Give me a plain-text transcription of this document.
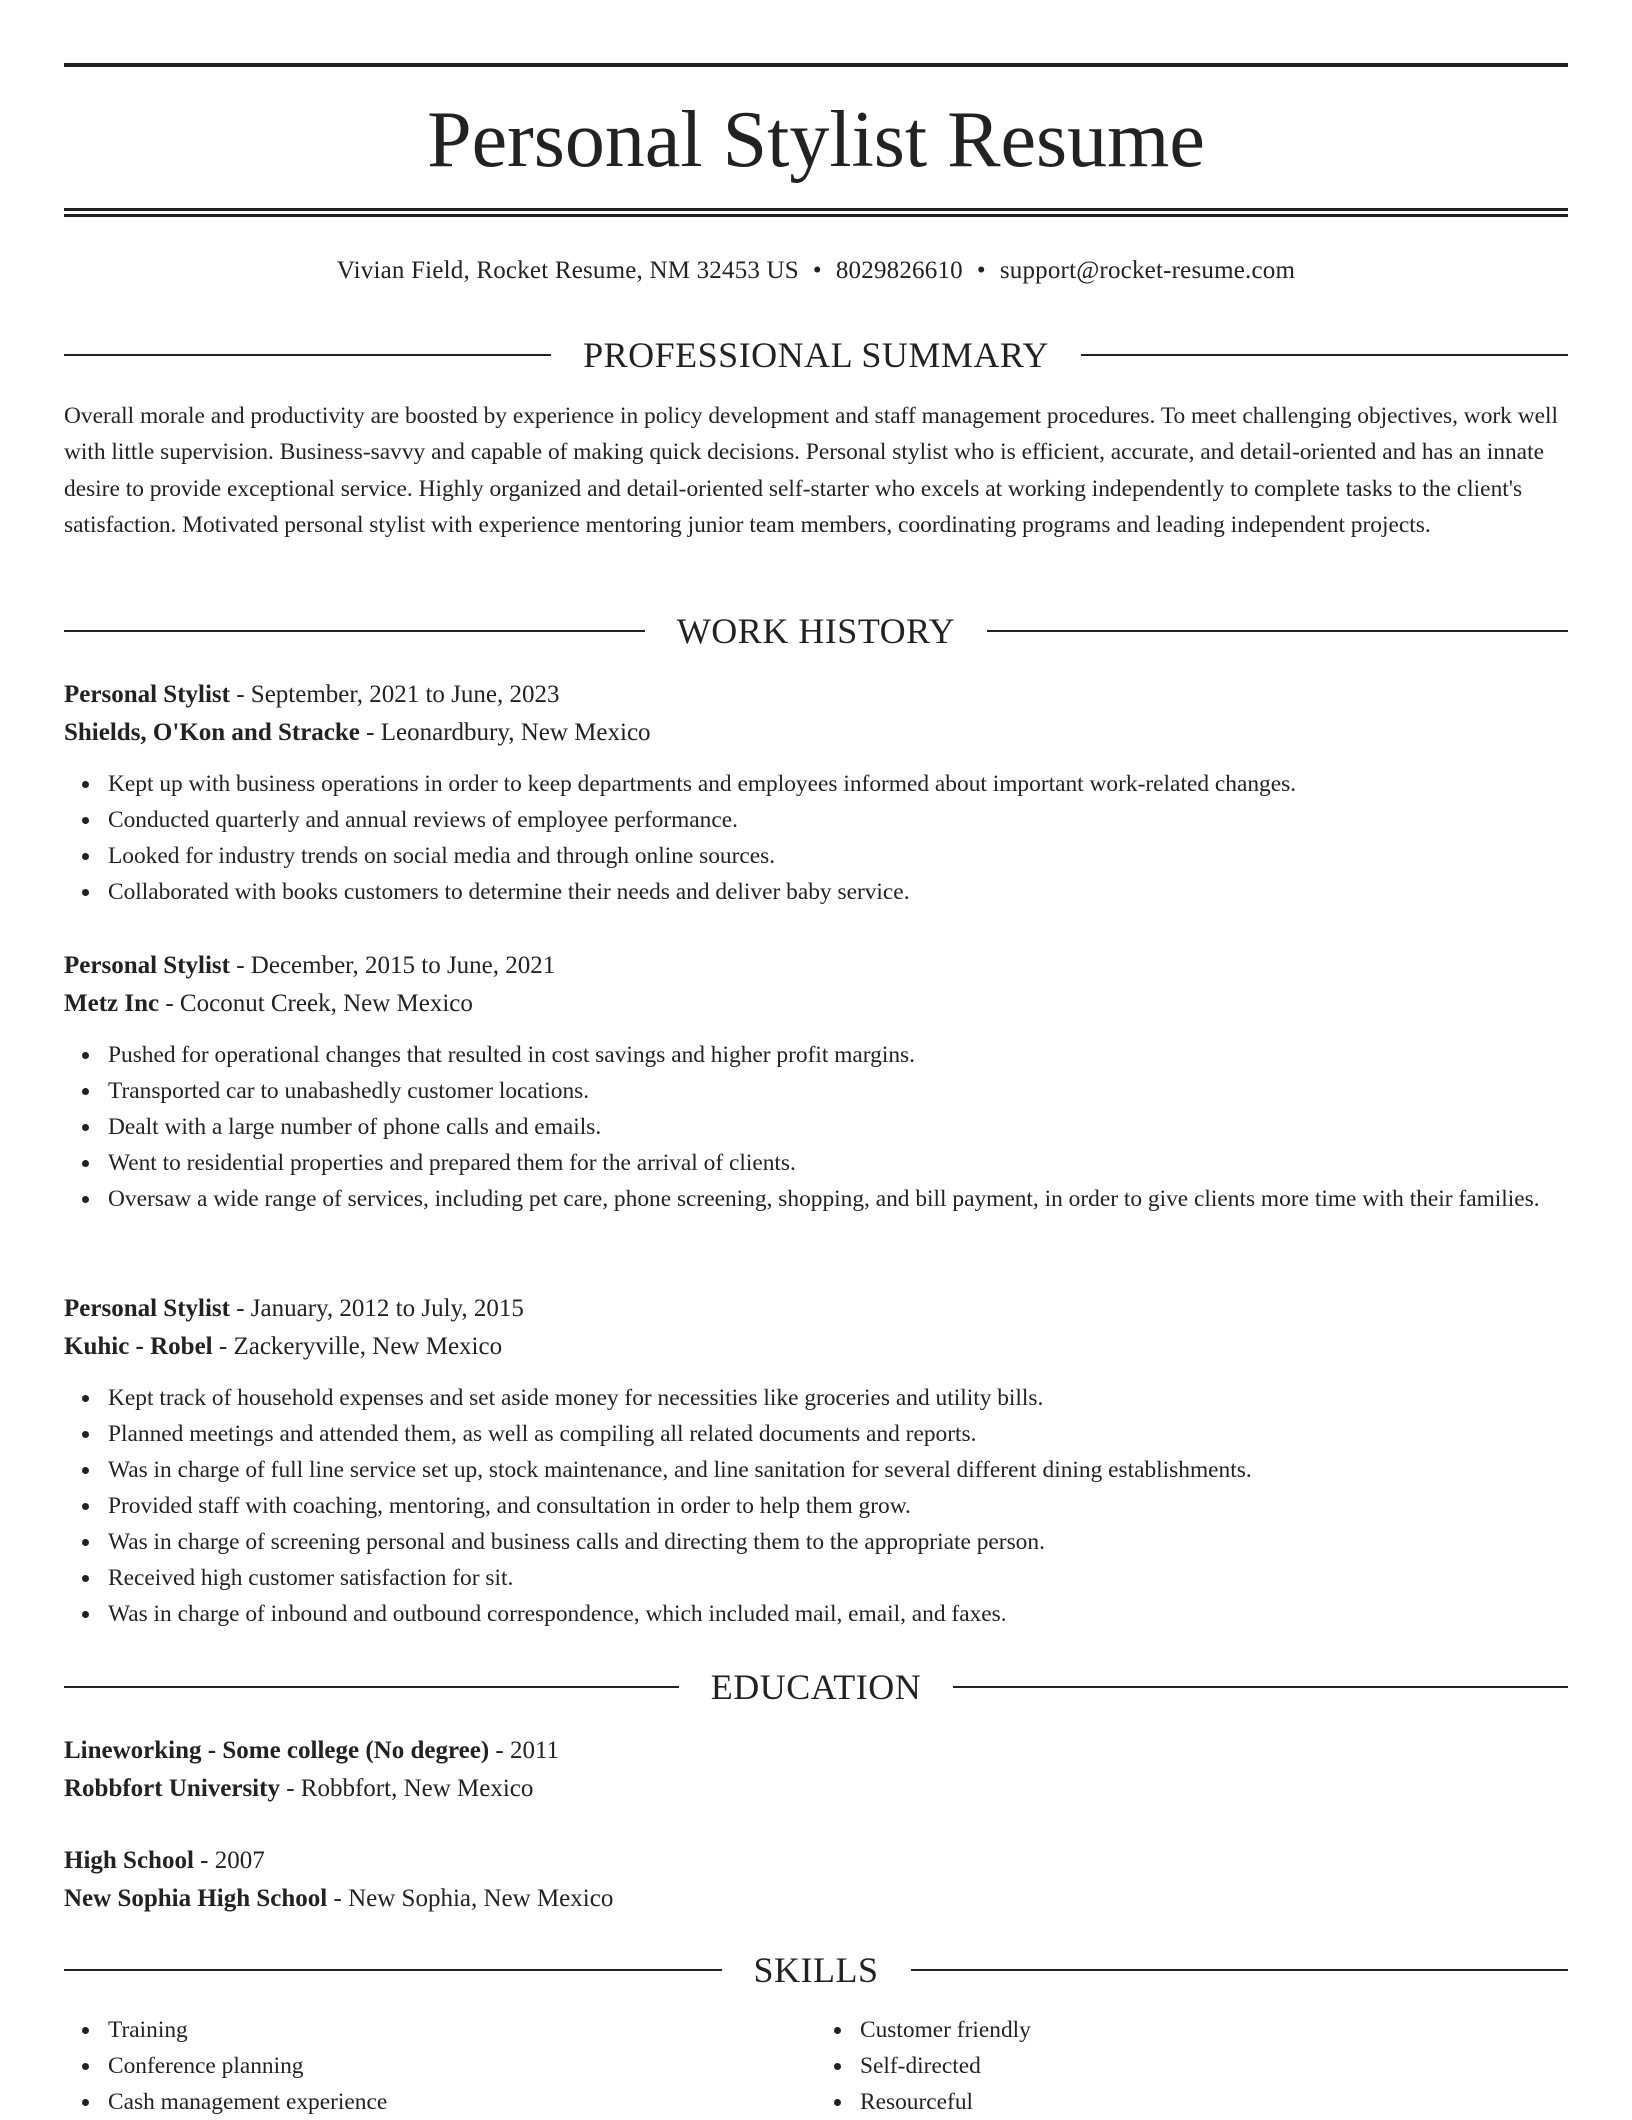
Personal Stylist Resume
Vivian Field, Rocket Resume, NM 32453 US • 8029826610 • support@rocket-resume.com
PROFESSIONAL SUMMARY

Overall morale and productivity are boosted by experience in policy development and staff management procedures. To meet challenging objectives, work well with little supervision. Business-savvy and capable of making quick decisions. Personal stylist who is efficient, accurate, and detail-oriented and has an innate desire to provide exceptional service. Highly organized and detail-oriented self-starter who excels at working independently to complete tasks to the client's satisfaction. Motivated personal stylist with experience mentoring junior team members, coordinating programs and leading independent projects.

WORK HISTORY
Personal Stylist - September, 2021 to June, 2023
Shields, O'Kon and Stracke - Leonardbury, New Mexico
Kept up with business operations in order to keep departments and employees informed about important work-related changes.
Conducted quarterly and annual reviews of employee performance.
Looked for industry trends on social media and through online sources.
Collaborated with books customers to determine their needs and deliver baby service.
Personal Stylist - December, 2015 to June, 2021
Metz Inc - Coconut Creek, New Mexico
Pushed for operational changes that resulted in cost savings and higher profit margins.
Transported car to unabashedly customer locations.
Dealt with a large number of phone calls and emails.
Went to residential properties and prepared them for the arrival of clients.
Oversaw a wide range of services, including pet care, phone screening, shopping, and bill payment, in order to give clients more time with their families.
Personal Stylist - January, 2012 to July, 2015
Kuhic - Robel - Zackeryville, New Mexico
Kept track of household expenses and set aside money for necessities like groceries and utility bills.
Planned meetings and attended them, as well as compiling all related documents and reports.
Was in charge of full line service set up, stock maintenance, and line sanitation for several different dining establishments.
Provided staff with coaching, mentoring, and consultation in order to help them grow.
Was in charge of screening personal and business calls and directing them to the appropriate person.
Received high customer satisfaction for sit.
Was in charge of inbound and outbound correspondence, which included mail, email, and faxes.
EDUCATION
Lineworking - Some college (No degree) - 2011
Robbfort University - Robbfort, New Mexico
High School - 2007
New Sophia High School - New Sophia, New Mexico
SKILLS
Training
Conference planning
Cash management experience
Customer friendly
Self-directed
Resourceful
